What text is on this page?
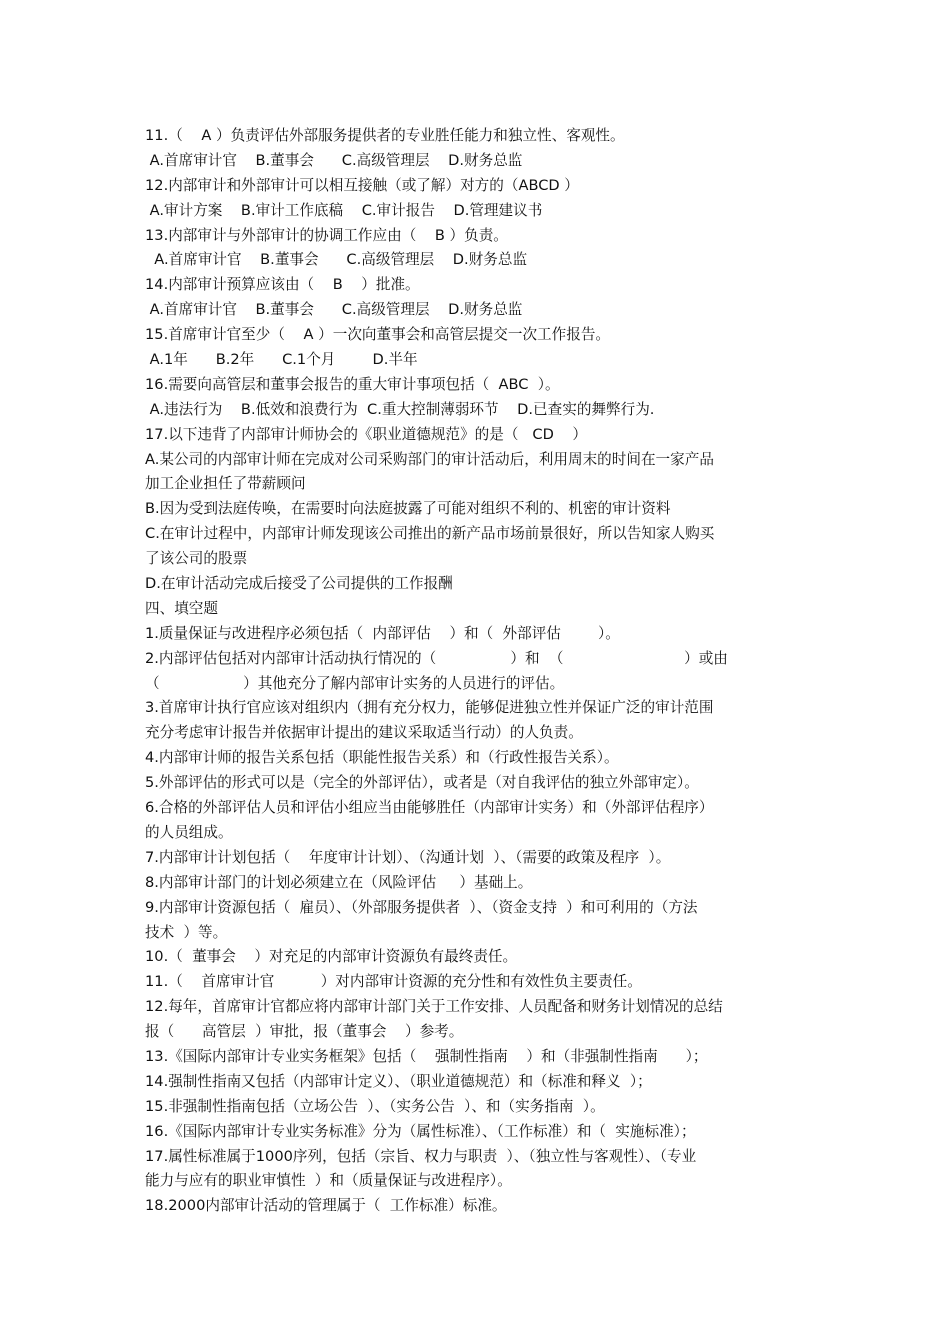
11.（    A ）负责评估外部服务提供者的专业胜任能力和独立性、客观性。
A.首席审计官    B.董事会      C.高级管理层    D.财务总监
12.内部审计和外部审计可以相互接触（或了解）对方的（ABCD ）
A.审计方案    B.审计工作底稿    C.审计报告    D.管理建议书
13.内部审计与外部审计的协调工作应由（    B ）负责。
A.首席审计官    B.董事会      C.高级管理层    D.财务总监
14.内部审计预算应该由（    B    ）批准。
A.首席审计官    B.董事会      C.高级管理层    D.财务总监
15.首席审计官至少（    A ）一次向董事会和高管层提交一次工作报告。
A.1年      B.2年      C.1个月        D.半年
16.需要向高管层和董事会报告的重大审计事项包括（  ABC  ）。
A.违法行为    B.低效和浪费行为  C.重大控制薄弱环节    D.已查实的舞弊行为.
17.以下违背了内部审计师协会的《职业道德规范》的是（   CD    ）
A.某公司的内部审计师在完成对公司采购部门的审计活动后，利用周末的时间在一家产品
加工企业担任了带薪顾问
B.因为受到法庭传唤，在需要时向法庭披露了可能对组织不利的、机密的审计资料
C.在审计过程中，内部审计师发现该公司推出的新产品市场前景很好，所以告知家人购买
了该公司的股票
D.在审计活动完成后接受了公司提供的工作报酬
四、填空题
1.质量保证与改进程序必须包括（  内部评估    ）和（  外部评估        ）。
2.内部评估包括对内部审计活动执行情况的（                ）和  （                          ）或由
（                  ）其他充分了解内部审计实务的人员进行的评估。
3.首席审计执行官应该对组织内（拥有充分权力，能够促进独立性并保证广泛的审计范围
充分考虑审计报告并依据审计提出的建议采取适当行动）的人负责。
4.内部审计师的报告关系包括（职能性报告关系）和（行政性报告关系）。
5.外部评估的形式可以是（完全的外部评估），或者是（对自我评估的独立外部审定）。
6.合格的外部评估人员和评估小组应当由能够胜任（内部审计实务）和（外部评估程序）
的人员组成。
7.内部审计计划包括（    年度审计计划）、（沟通计划  ）、（需要的政策及程序  ）。
8.内部审计部门的计划必须建立在（风险评估     ）基础上。
9.内部审计资源包括（  雇员）、（外部服务提供者  ）、（资金支持  ）和可利用的（方法
技术  ）等。
10.（  董事会    ）对充足的内部审计资源负有最终责任。
11.（    首席审计官          ）对内部审计资源的充分性和有效性负主要责任。
12.每年，首席审计官都应将内部审计部门关于工作安排、人员配备和财务计划情况的总结
报（      高管层  ）审批，报（董事会    ）参考。
13.《国际内部审计专业实务框架》包括（    强制性指南    ）和（非强制性指南      ）；
14.强制性指南又包括（内部审计定义）、（职业道德规范）和（标准和释义  ）；
15.非强制性指南包括（立场公告  ）、（实务公告  ）、和（实务指南  ）。
16.《国际内部审计专业实务标准》分为（属性标准）、（工作标准）和（  实施标准）；
17.属性标准属于1000序列，包括（宗旨、权力与职责  ）、（独立性与客观性）、（专业
能力与应有的职业审慎性  ）和（质量保证与改进程序）。
18.2000内部审计活动的管理属于（  工作标准）标准。
